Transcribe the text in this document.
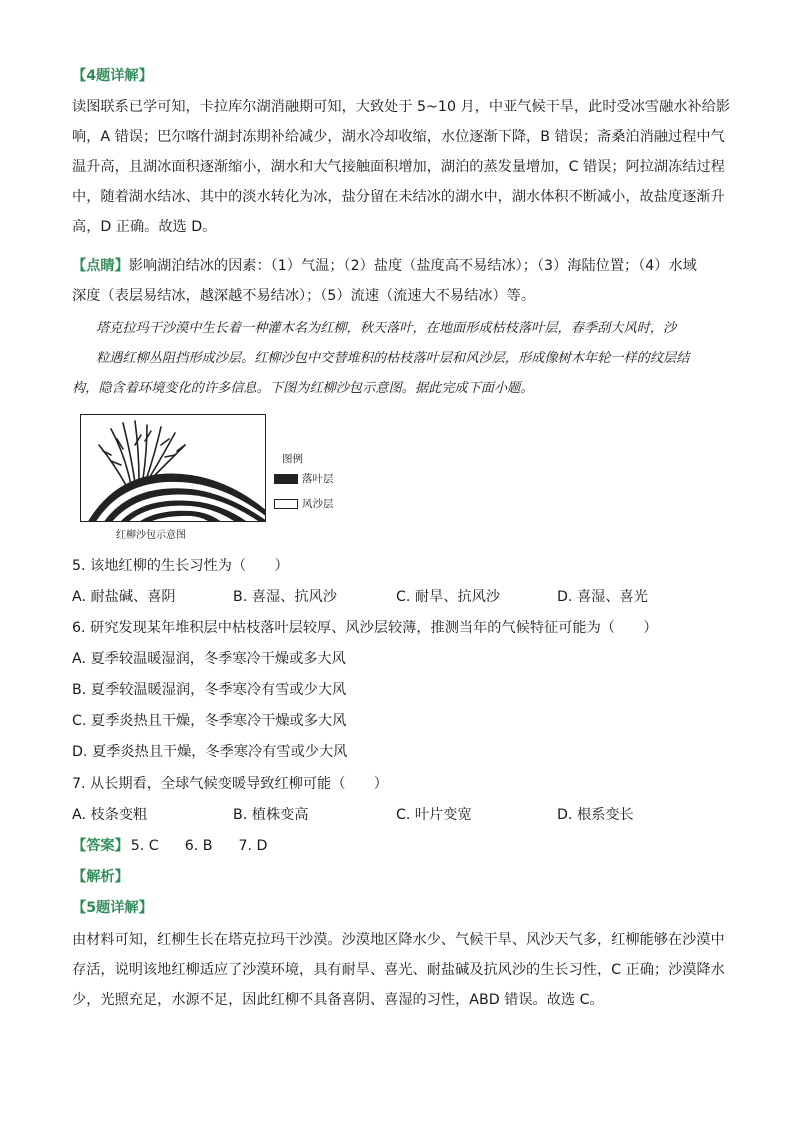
【4题详解】
读图联系已学可知，卡拉库尔湖消融期可知，大致处于 5~10 月，中亚气候干旱，此时受冰雪融水补给影
响，A 错误；巴尔喀什湖封冻期补给减少，湖水冷却收缩，水位逐渐下降，B 错误；斋桑泊消融过程中气
温升高，且湖冰面积逐渐缩小，湖水和大气接触面积增加，湖泊的蒸发量增加，C 错误；阿拉湖冻结过程
中，随着湖水结冰、其中的淡水转化为冰，盐分留在未结冰的湖水中，湖水体积不断减小，故盐度逐渐升
高，D 正确。故选 D。
【点睛】影响湖泊结冰的因素：（1）气温；（2）盐度（盐度高不易结冰）；（3）海陆位置；（4）水域
深度（表层易结冰，越深越不易结冰）；（5）流速（流速大不易结冰）等。
塔克拉玛干沙漠中生长着一种灌木名为红柳，秋天落叶，在地面形成枯枝落叶层，春季刮大风时，沙
粒遇红柳丛阻挡形成沙层。红柳沙包中交替堆积的枯枝落叶层和风沙层，形成像树木年轮一样的纹层结
构，隐含着环境变化的许多信息。下图为红柳沙包示意图。据此完成下面小题。
红柳沙包示意图
图例
落叶层
风沙层
5. 该地红柳的生长习性为（　　）
A. 耐盐碱、喜阴	B. 喜湿、抗风沙	C. 耐旱、抗风沙	D. 喜湿、喜光
6. 研究发现某年堆积层中枯枝落叶层较厚、风沙层较薄，推测当年的气候特征可能为（　　）
A. 夏季较温暖湿润，冬季寒冷干燥或多大风
B. 夏季较温暖湿润，冬季寒冷有雪或少大风
C. 夏季炎热且干燥，冬季寒冷干燥或多大风
D. 夏季炎热且干燥，冬季寒冷有雪或少大风
7. 从长期看，全球气候变暖导致红柳可能（　　）
A. 枝条变粗	B. 植株变高	C. 叶片变宽	D. 根系变长
【答案】 5. C 6. B 7. D
【解析】
【5题详解】
由材料可知，红柳生长在塔克拉玛干沙漠。沙漠地区降水少、气候干旱、风沙天气多，红柳能够在沙漠中
存活，说明该地红柳适应了沙漠环境，具有耐旱、喜光、耐盐碱及抗风沙的生长习性，C 正确；沙漠降水
少，光照充足，水源不足，因此红柳不具备喜阴、喜湿的习性，ABD 错误。故选 C。
